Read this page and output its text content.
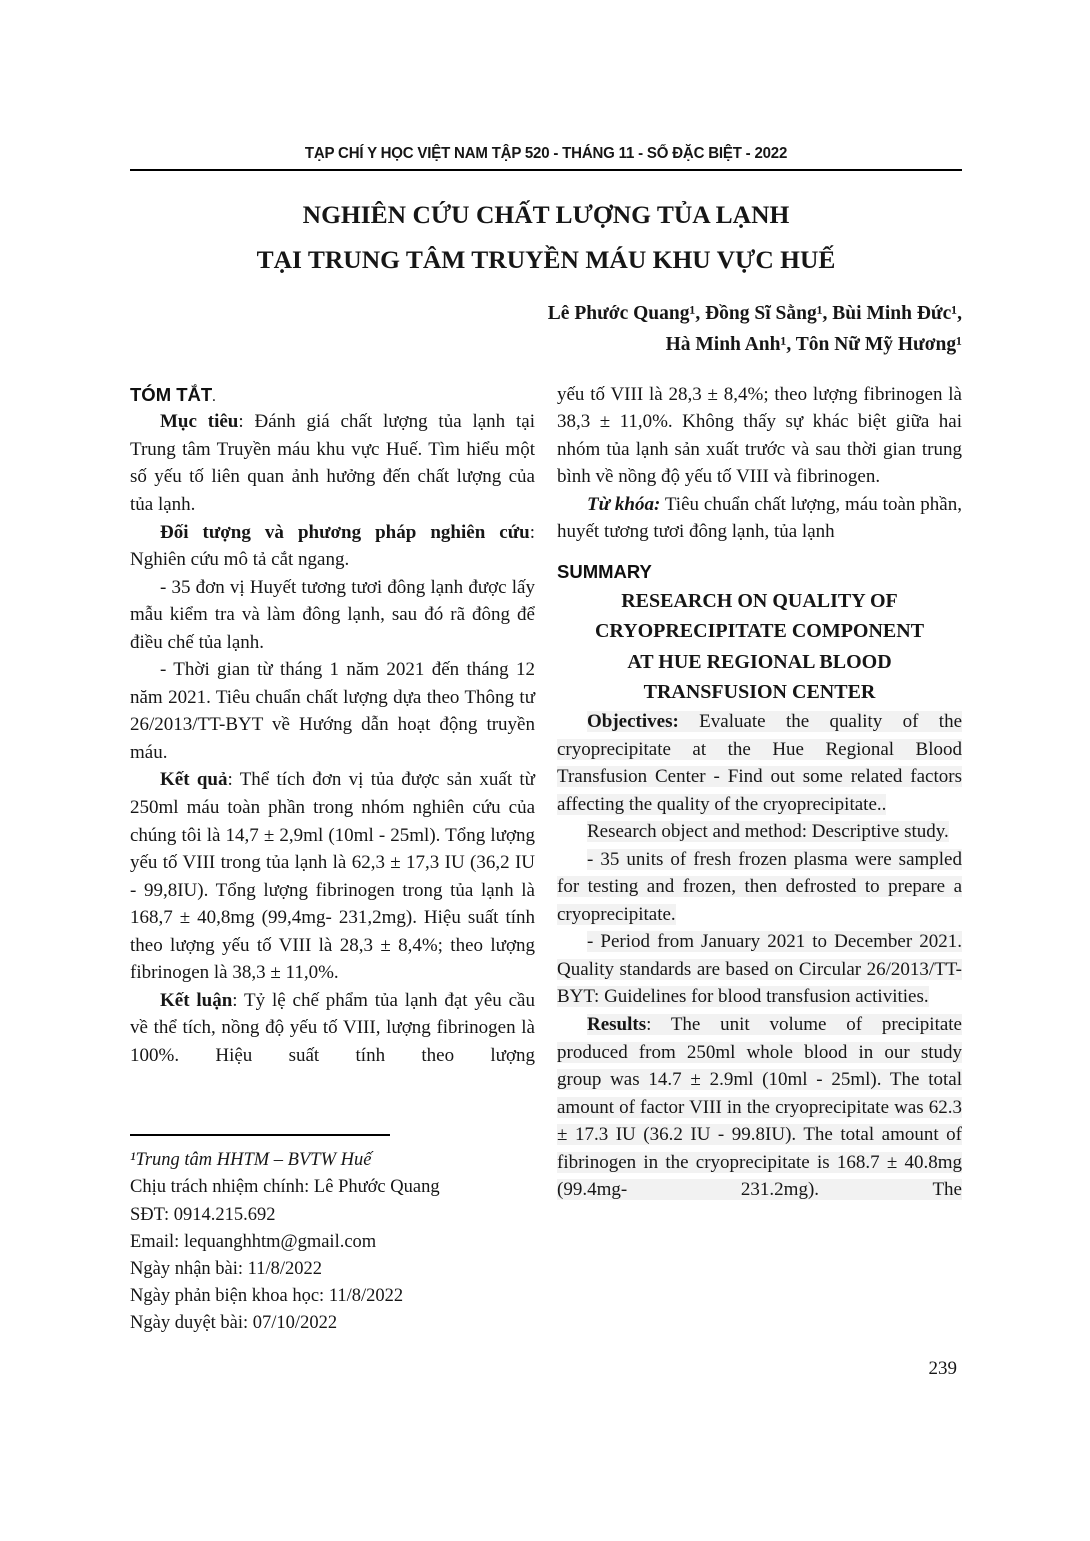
TẠP CHÍ Y HỌC VIỆT NAM TẬP 520 - THÁNG 11 - SỐ ĐẶC BIỆT - 2022
NGHIÊN CỨU CHẤT LƯỢNG TỦA LẠNH
TẠI TRUNG TÂM TRUYỀN MÁU KHU VỰC HUẾ
Lê Phước Quang¹, Đồng Sĩ Sằng¹, Bùi Minh Đức¹,
Hà Minh Anh¹, Tôn Nữ Mỹ Hương¹
TÓM TẮT.

Mục tiêu: Đánh giá chất lượng tủa lạnh tại Trung tâm Truyền máu khu vực Huế. Tìm hiểu một số yếu tố liên quan ảnh hưởng đến chất lượng của tủa lạnh.

Đối tượng và phương pháp nghiên cứu: Nghiên cứu mô tả cắt ngang.

- 35 đơn vị Huyết tương tươi đông lạnh được lấy mẫu kiểm tra và làm đông lạnh, sau đó rã đông để điều chế tủa lạnh.

- Thời gian từ tháng 1 năm 2021 đến tháng 12 năm 2021. Tiêu chuẩn chất lượng dựa theo Thông tư 26/2013/TT-BYT về Hướng dẫn hoạt động truyền máu.

Kết quả: Thể tích đơn vị tủa được sản xuất từ 250ml máu toàn phần trong nhóm nghiên cứu của chúng tôi là 14,7 ± 2,9ml (10ml - 25ml). Tổng lượng yếu tố VIII trong tủa lạnh là 62,3 ± 17,3 IU (36,2 IU - 99,8IU). Tổng lượng fibrinogen trong tủa lạnh là 168,7 ± 40,8mg (99,4mg- 231,2mg). Hiệu suất tính theo lượng yếu tố VIII là 28,3 ± 8,4%; theo lượng fibrinogen là 38,3 ± 11,0%.

Kết luận: Tỷ lệ chế phẩm tủa lạnh đạt yêu cầu về thể tích, nồng độ yếu tố VIII, lượng fibrinogen là 100%. Hiệu suất tính theo lượng

¹Trung tâm HHTM – BVTW Huế
Chịu trách nhiệm chính: Lê Phước Quang
SĐT: 0914.215.692
Email: lequanghhtm@gmail.com
Ngày nhận bài: 11/8/2022
Ngày phản biện khoa học: 11/8/2022
Ngày duyệt bài: 07/10/2022

yếu tố VIII là 28,3 ± 8,4%; theo lượng fibrinogen là 38,3 ± 11,0%. Không thấy sự khác biệt giữa hai nhóm tủa lạnh sản xuất trước và sau thời gian trung bình về nồng độ yếu tố VIII và fibrinogen.

Từ khóa: Tiêu chuẩn chất lượng, máu toàn phần, huyết tương tươi đông lạnh, tủa lạnh

SUMMARY
RESEARCH ON QUALITY OF
CRYOPRECIPITATE COMPONENT
AT HUE REGIONAL BLOOD
TRANSFUSION CENTER

Objectives: Evaluate the quality of the cryoprecipitate at the Hue Regional Blood Transfusion Center - Find out some related factors affecting the quality of the cryoprecipitate..

Research object and method: Descriptive study.

- 35 units of fresh frozen plasma were sampled for testing and frozen, then defrosted to prepare a cryoprecipitate.

- Period from January 2021 to December 2021. Quality standards are based on Circular 26/2013/TT-BYT: Guidelines for blood transfusion activities.

Results: The unit volume of precipitate produced from 250ml whole blood in our study group was 14.7 ± 2.9ml (10ml - 25ml). The total amount of factor VIII in the cryoprecipitate was 62.3 ± 17.3 IU (36.2 IU - 99.8IU). The total amount of fibrinogen in the cryoprecipitate is 168.7 ± 40.8mg (99.4mg- 231.2mg). The

239
